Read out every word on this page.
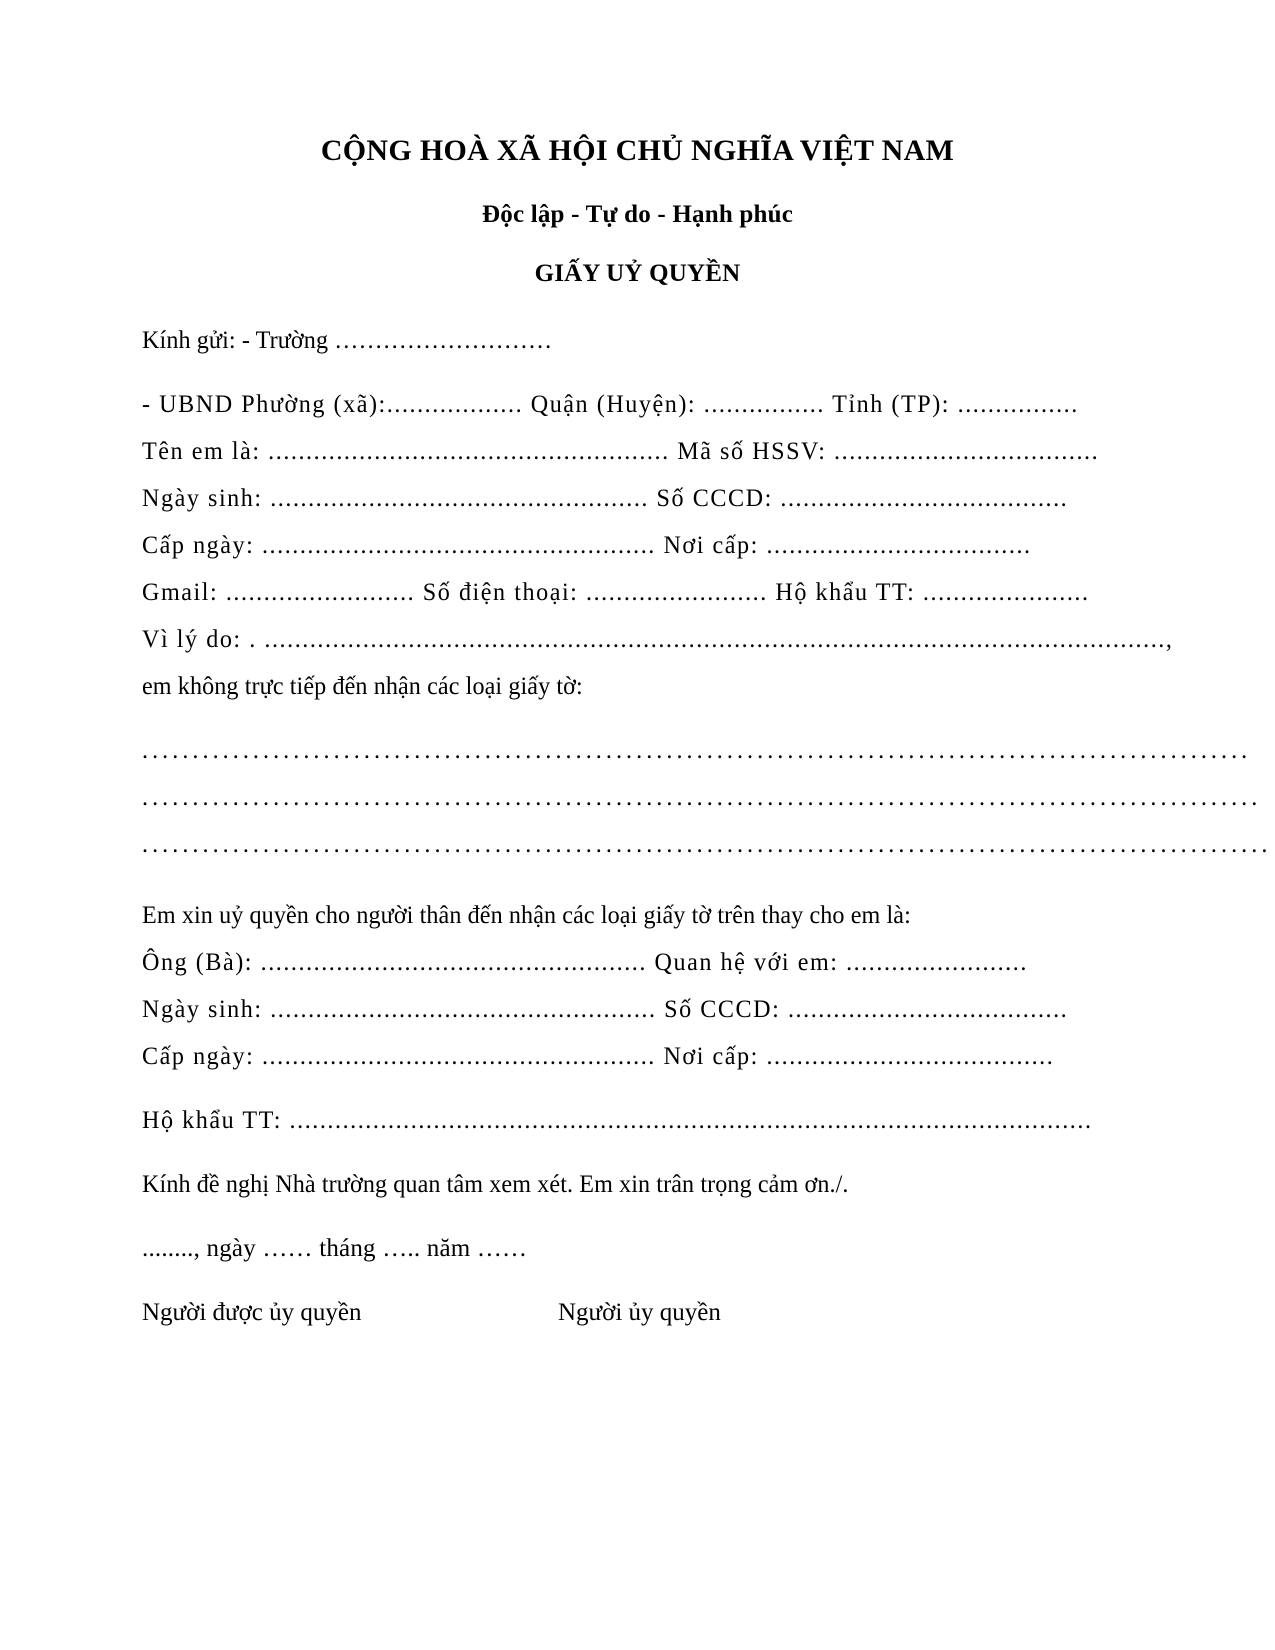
CỘNG HOÀ XÃ HỘI CHỦ NGHĨA VIỆT NAM
Độc lập - Tự do - Hạnh phúc
GIẤY UỶ QUYỀN
Kính gửi: - Trường ………………………
- UBND Phường (xã):.................. Quận (Huyện): ................ Tỉnh (TP): ................
Tên em là: ..................................................... Mã số HSSV: ...................................
Ngày sinh: .................................................. Số CCCD: ......................................
Cấp ngày: .................................................... Nơi cấp: ...................................
Gmail: ......................... Số điện thoại: ........................ Hộ khẩu TT: ......................
Vì lý do: . .......................................................................................................................,
em không trực tiếp đến nhận các loại giấy tờ:
..............................................................................................................
...............................................................................................................
................................................................................................................
Em xin uỷ quyền cho người thân đến nhận các loại giấy tờ trên thay cho em là:
Ông (Bà): ................................................... Quan hệ với em: ........................
Ngày sinh: ................................................... Số CCCD: .....................................
Cấp ngày: .................................................... Nơi cấp: ......................................
Hộ khẩu TT: ..........................................................................................................
Kính đề nghị Nhà trường quan tâm xem xét. Em xin trân trọng cảm ơn./.
........, ngày …… tháng ….. năm ……
Người được ủy quyền	Người ủy quyền
